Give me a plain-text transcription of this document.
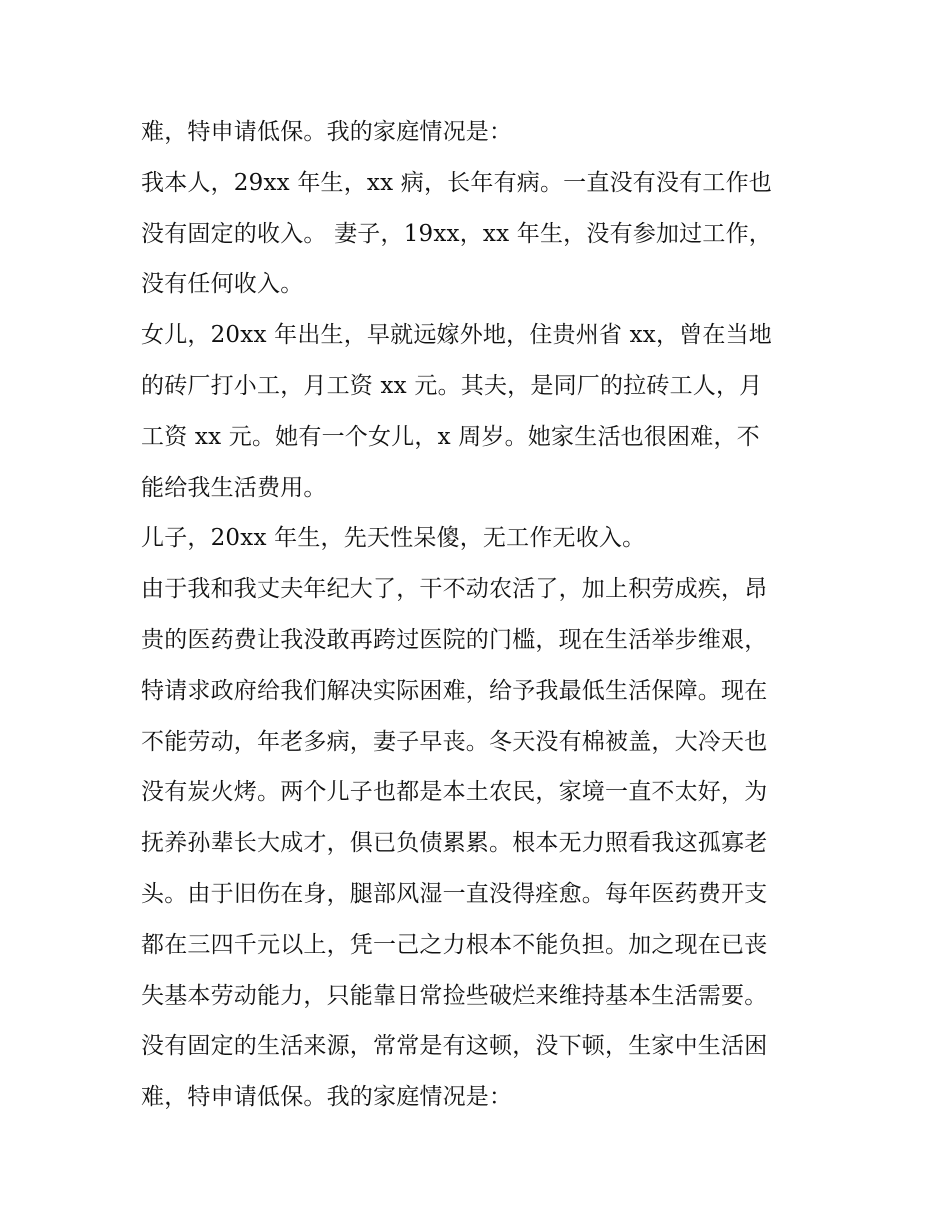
难，特申请低保。我的家庭情况是：
我本人，29xx 年生，xx 病，长年有病。一直没有没有工作也
没有固定的收入。 妻子，19xx，xx 年生，没有参加过工作，
没有任何收入。
女儿，20xx 年出生，早就远嫁外地，住贵州省 xx，曾在当地
的砖厂打小工，月工资 xx 元。其夫，是同厂的拉砖工人，月
工资 xx 元。她有一个女儿，x 周岁。她家生活也很困难，不
能给我生活费用。
儿子，20xx 年生，先天性呆傻，无工作无收入。
由于我和我丈夫年纪大了，干不动农活了，加上积劳成疾，昂
贵的医药费让我没敢再跨过医院的门槛，现在生活举步维艰，
特请求政府给我们解决实际困难，给予我最低生活保障。现在
不能劳动，年老多病，妻子早丧。冬天没有棉被盖，大冷天也
没有炭火烤。两个儿子也都是本土农民，家境一直不太好，为
抚养孙辈长大成才，俱已负债累累。根本无力照看我这孤寡老
头。由于旧伤在身，腿部风湿一直没得痊愈。每年医药费开支
都在三四千元以上，凭一己之力根本不能负担。加之现在已丧
失基本劳动能力，只能靠日常捡些破烂来维持基本生活需要。
没有固定的生活来源，常常是有这顿，没下顿，生家中生活困
难，特申请低保。我的家庭情况是：
